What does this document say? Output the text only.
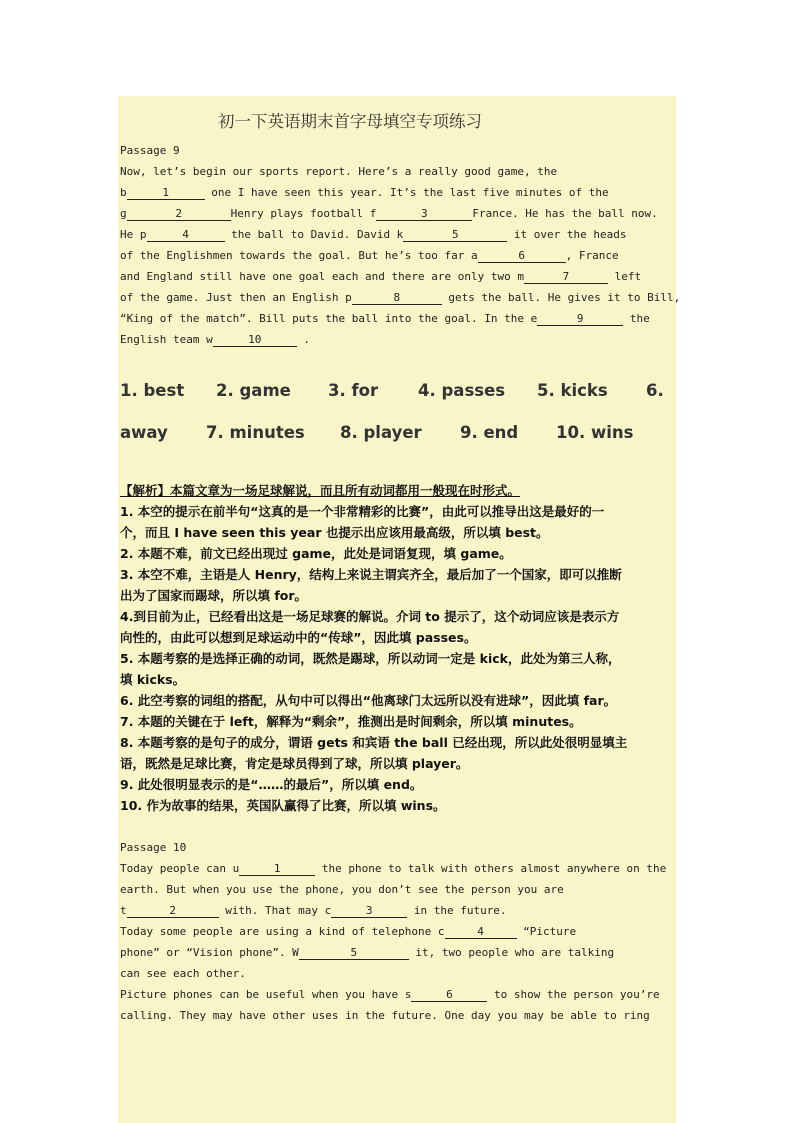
初一下英语期末首字母填空专项练习
Passage 9
Now, let’s begin our sports report. Here’s a really good game, the
b	1	one I have seen this year. It’s the last five minutes of the
g	2	Henry plays football f	3	France. He has the ball now.
He p	4	the ball to David. David k	5	it over the heads
of the Englishmen towards the goal. But he’s too far a	6	, France
and England still have one goal each and there are only two m	7	left
of the game. Just then an English p	8	gets the ball. He gives it to Bill,
“King of the match”. Bill puts the ball into the goal. In the e	9	the
English team w	10	.
1. best 2. game 3. for 4. passes 5. kicks 6.
away 7. minutes 8. player 9. end 10. wins
【解析】本篇文章为一场足球解说，而且所有动词都用一般现在时形式。
1. 本空的提示在前半句“这真的是一个非常精彩的比赛”，由此可以推导出这是最好的一
个，而且 I have seen this year 也提示出应该用最高级，所以填 best。
2. 本题不难，前文已经出现过 game，此处是词语复现，填 game。
3. 本空不难，主语是人 Henry，结构上来说主谓宾齐全，最后加了一个国家，即可以推断
出为了国家而踢球，所以填 for。
4.到目前为止，已经看出这是一场足球赛的解说。介词 to 提示了，这个动词应该是表示方
向性的，由此可以想到足球运动中的“传球”，因此填 passes。
5. 本题考察的是选择正确的动词，既然是踢球，所以动词一定是 kick，此处为第三人称，
填 kicks。
6. 此空考察的词组的搭配，从句中可以得出“他离球门太远所以没有进球”，因此填 far。
7. 本题的关键在于 left，解释为“剩余”，推测出是时间剩余，所以填 minutes。
8. 本题考察的是句子的成分，谓语 gets 和宾语 the ball 已经出现，所以此处很明显填主
语，既然是足球比赛，肯定是球员得到了球，所以填 player。
9. 此处很明显表示的是“……的最后”，所以填 end。
10. 作为故事的结果，英国队赢得了比赛，所以填 wins。
Passage 10
Today people can u	1	the phone to talk with others almost anywhere on the
earth. But when you use the phone, you don’t see the person you are
t	2	with. That may c	3	in the future.
Today some people are using a kind of telephone c	4	“Picture
phone” or “Vision phone”. W	5	it, two people who are talking
can see each other.
Picture phones can be useful when you have s	6	to show the person you’re
calling. They may have other uses in the future. One day you may be able to ring
